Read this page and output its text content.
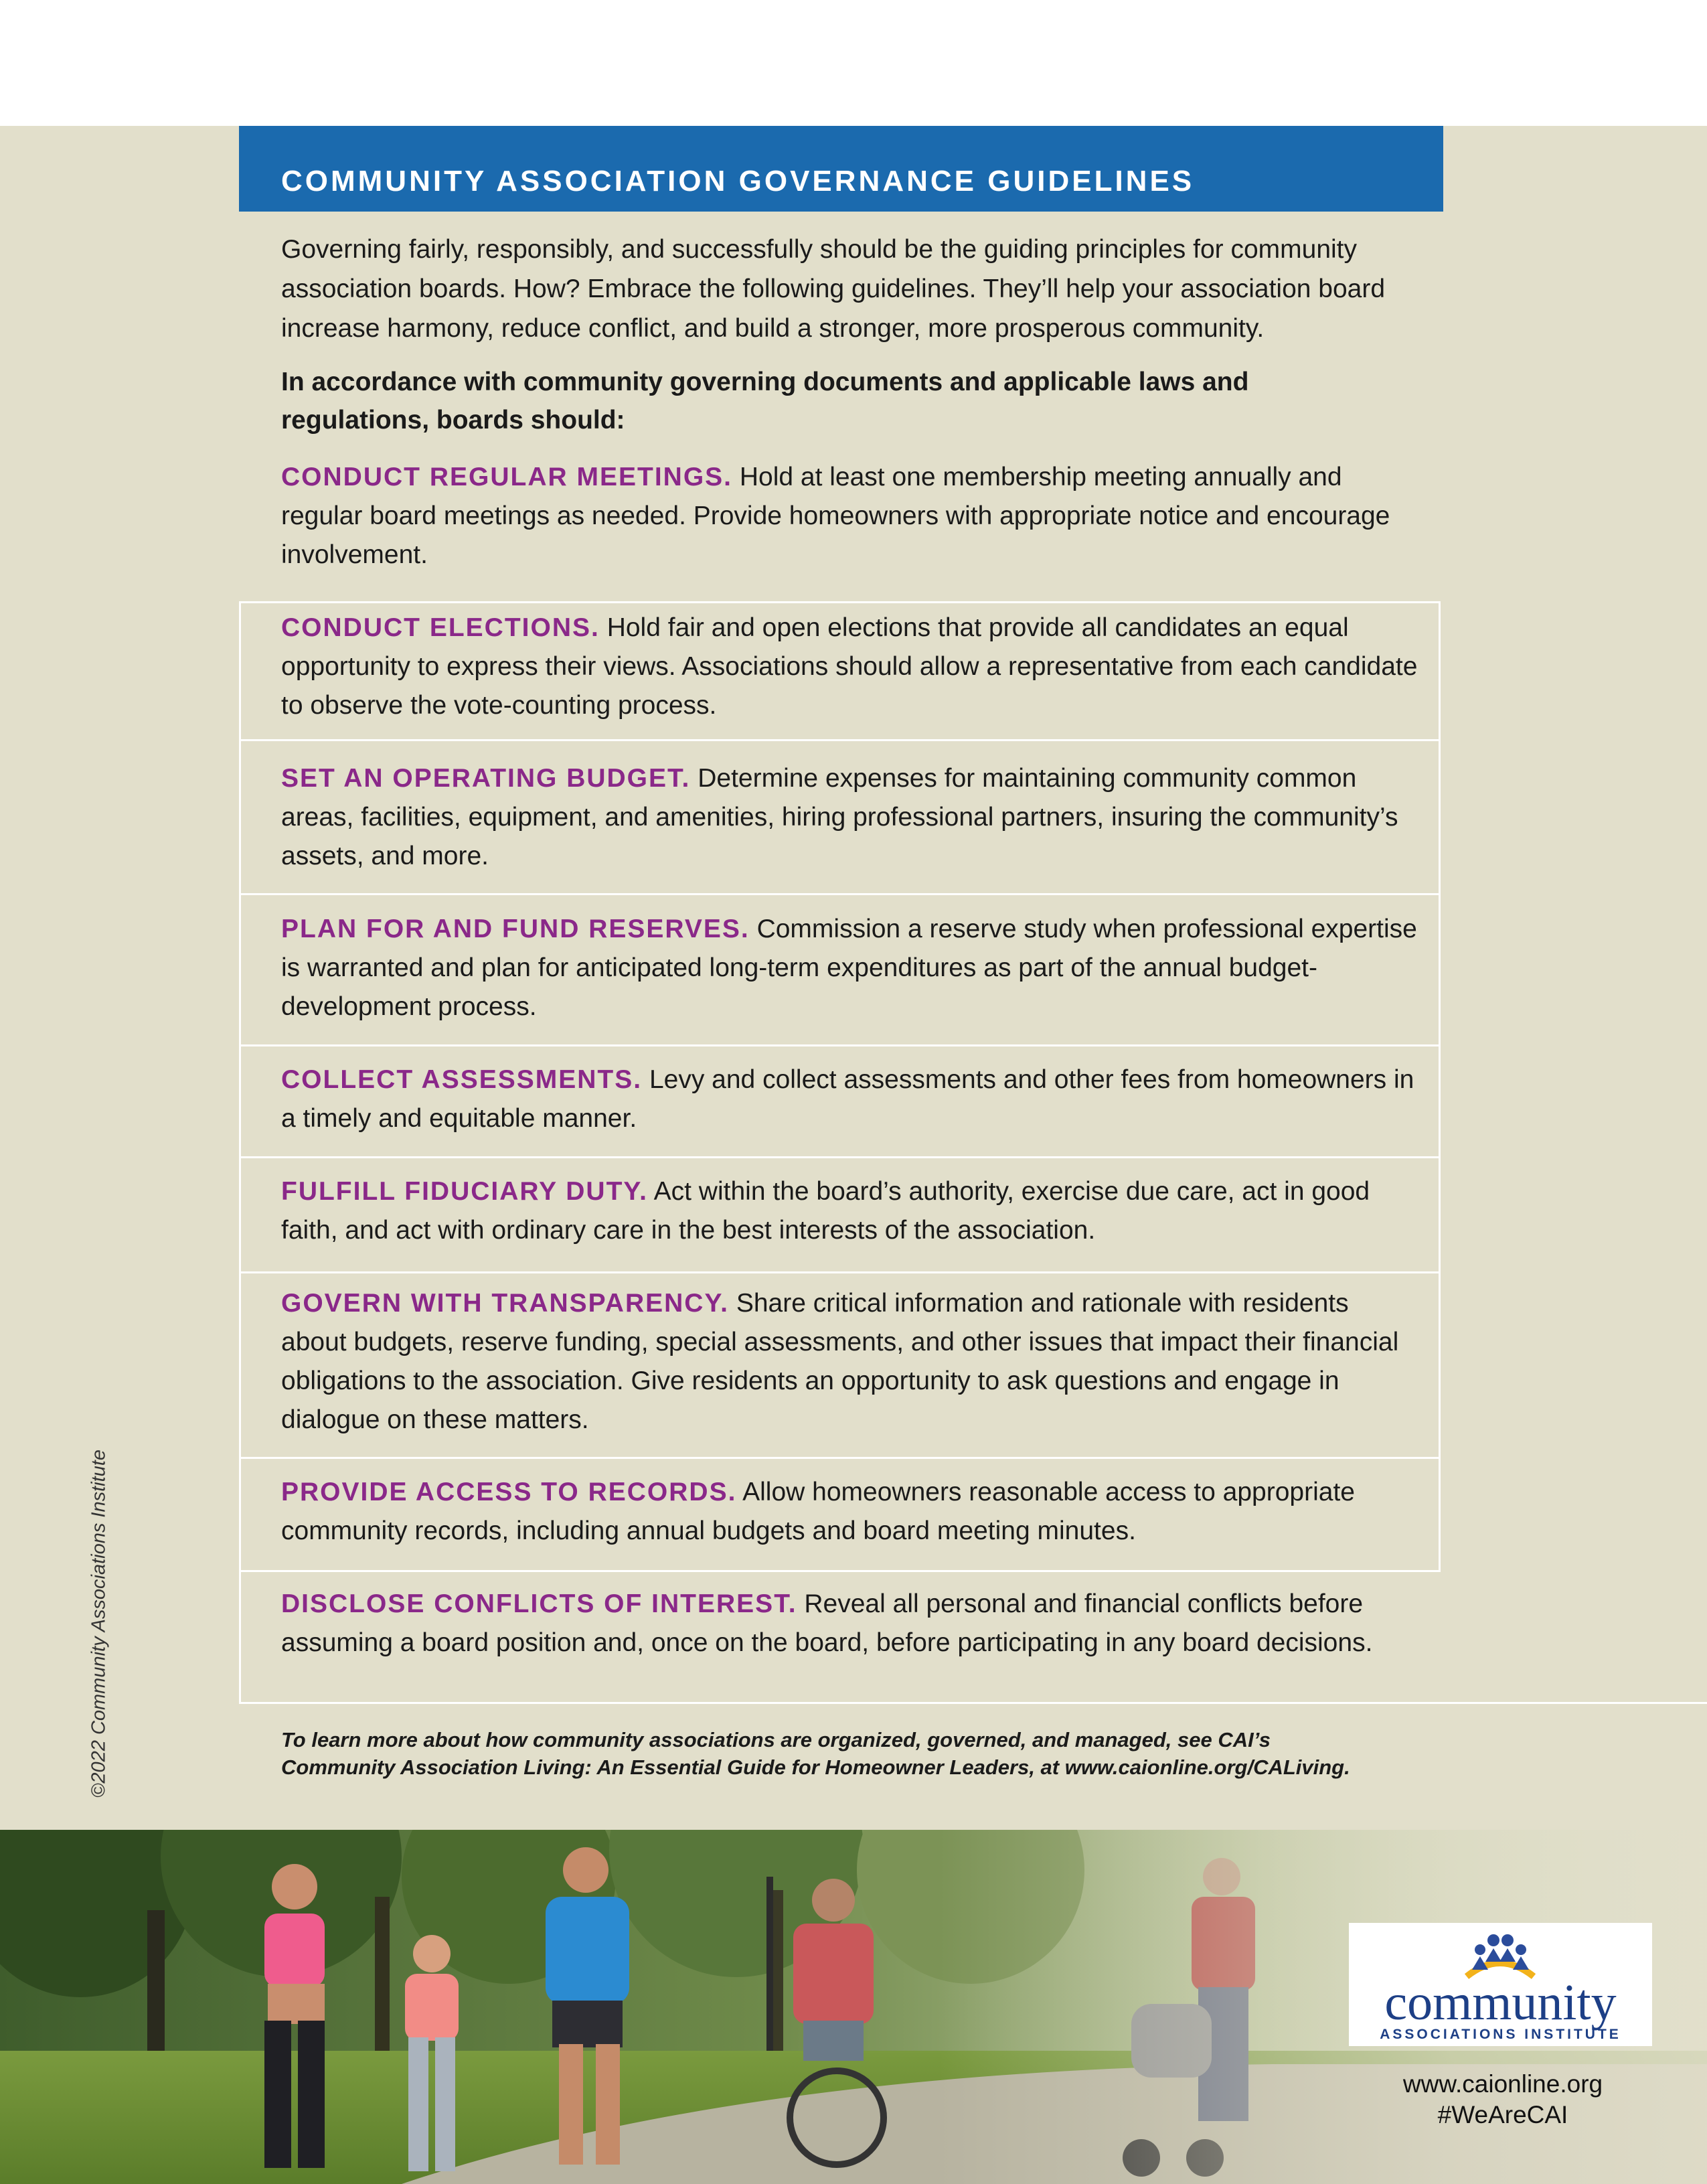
COMMUNITY ASSOCIATION GOVERNANCE GUIDELINES
Governing fairly, responsibly, and successfully should be the guiding principles for community association boards. How? Embrace the following guidelines. They’ll help your association board increase harmony, reduce conflict, and build a stronger, more prosperous community.
In accordance with community governing documents and applicable laws and regulations, boards should:
CONDUCT REGULAR MEETINGS. Hold at least one membership meeting annually and regular board meetings as needed. Provide homeowners with appropriate notice and encourage involvement.
CONDUCT ELECTIONS. Hold fair and open elections that provide all candidates an equal opportunity to express their views. Associations should allow a representative from each candidate to observe the vote-counting process.
SET AN OPERATING BUDGET. Determine expenses for maintaining community common areas, facilities, equipment, and amenities, hiring professional partners, insuring the community’s assets, and more.
PLAN FOR AND FUND RESERVES. Commission a reserve study when professional expertise is warranted and plan for anticipated long-term expenditures as part of the annual budget-development process.
COLLECT ASSESSMENTS. Levy and collect assessments and other fees from homeowners in a timely and equitable manner.
FULFILL FIDUCIARY DUTY. Act within the board’s authority, exercise due care, act in good faith, and act with ordinary care in the best interests of the association.
GOVERN WITH TRANSPARENCY. Share critical information and rationale with residents about budgets, reserve funding, special assessments, and other issues that impact their financial obligations to the association. Give residents an opportunity to ask questions and engage in dialogue on these matters.
PROVIDE ACCESS TO RECORDS. Allow homeowners reasonable access to appropriate community records, including annual budgets and board meeting minutes.
DISCLOSE CONFLICTS OF INTEREST. Reveal all personal and financial conflicts before assuming a board position and, once on the board, before participating in any board decisions.
To learn more about how community associations are organized, governed, and managed, see CAI’s Community Association Living: An Essential Guide for Homeowner Leaders, at www.caionline.org/CALiving.
©2022 Community Associations Institute
community
ASSOCIATIONS INSTITUTE
www.caionline.org
#WeAreCAI
